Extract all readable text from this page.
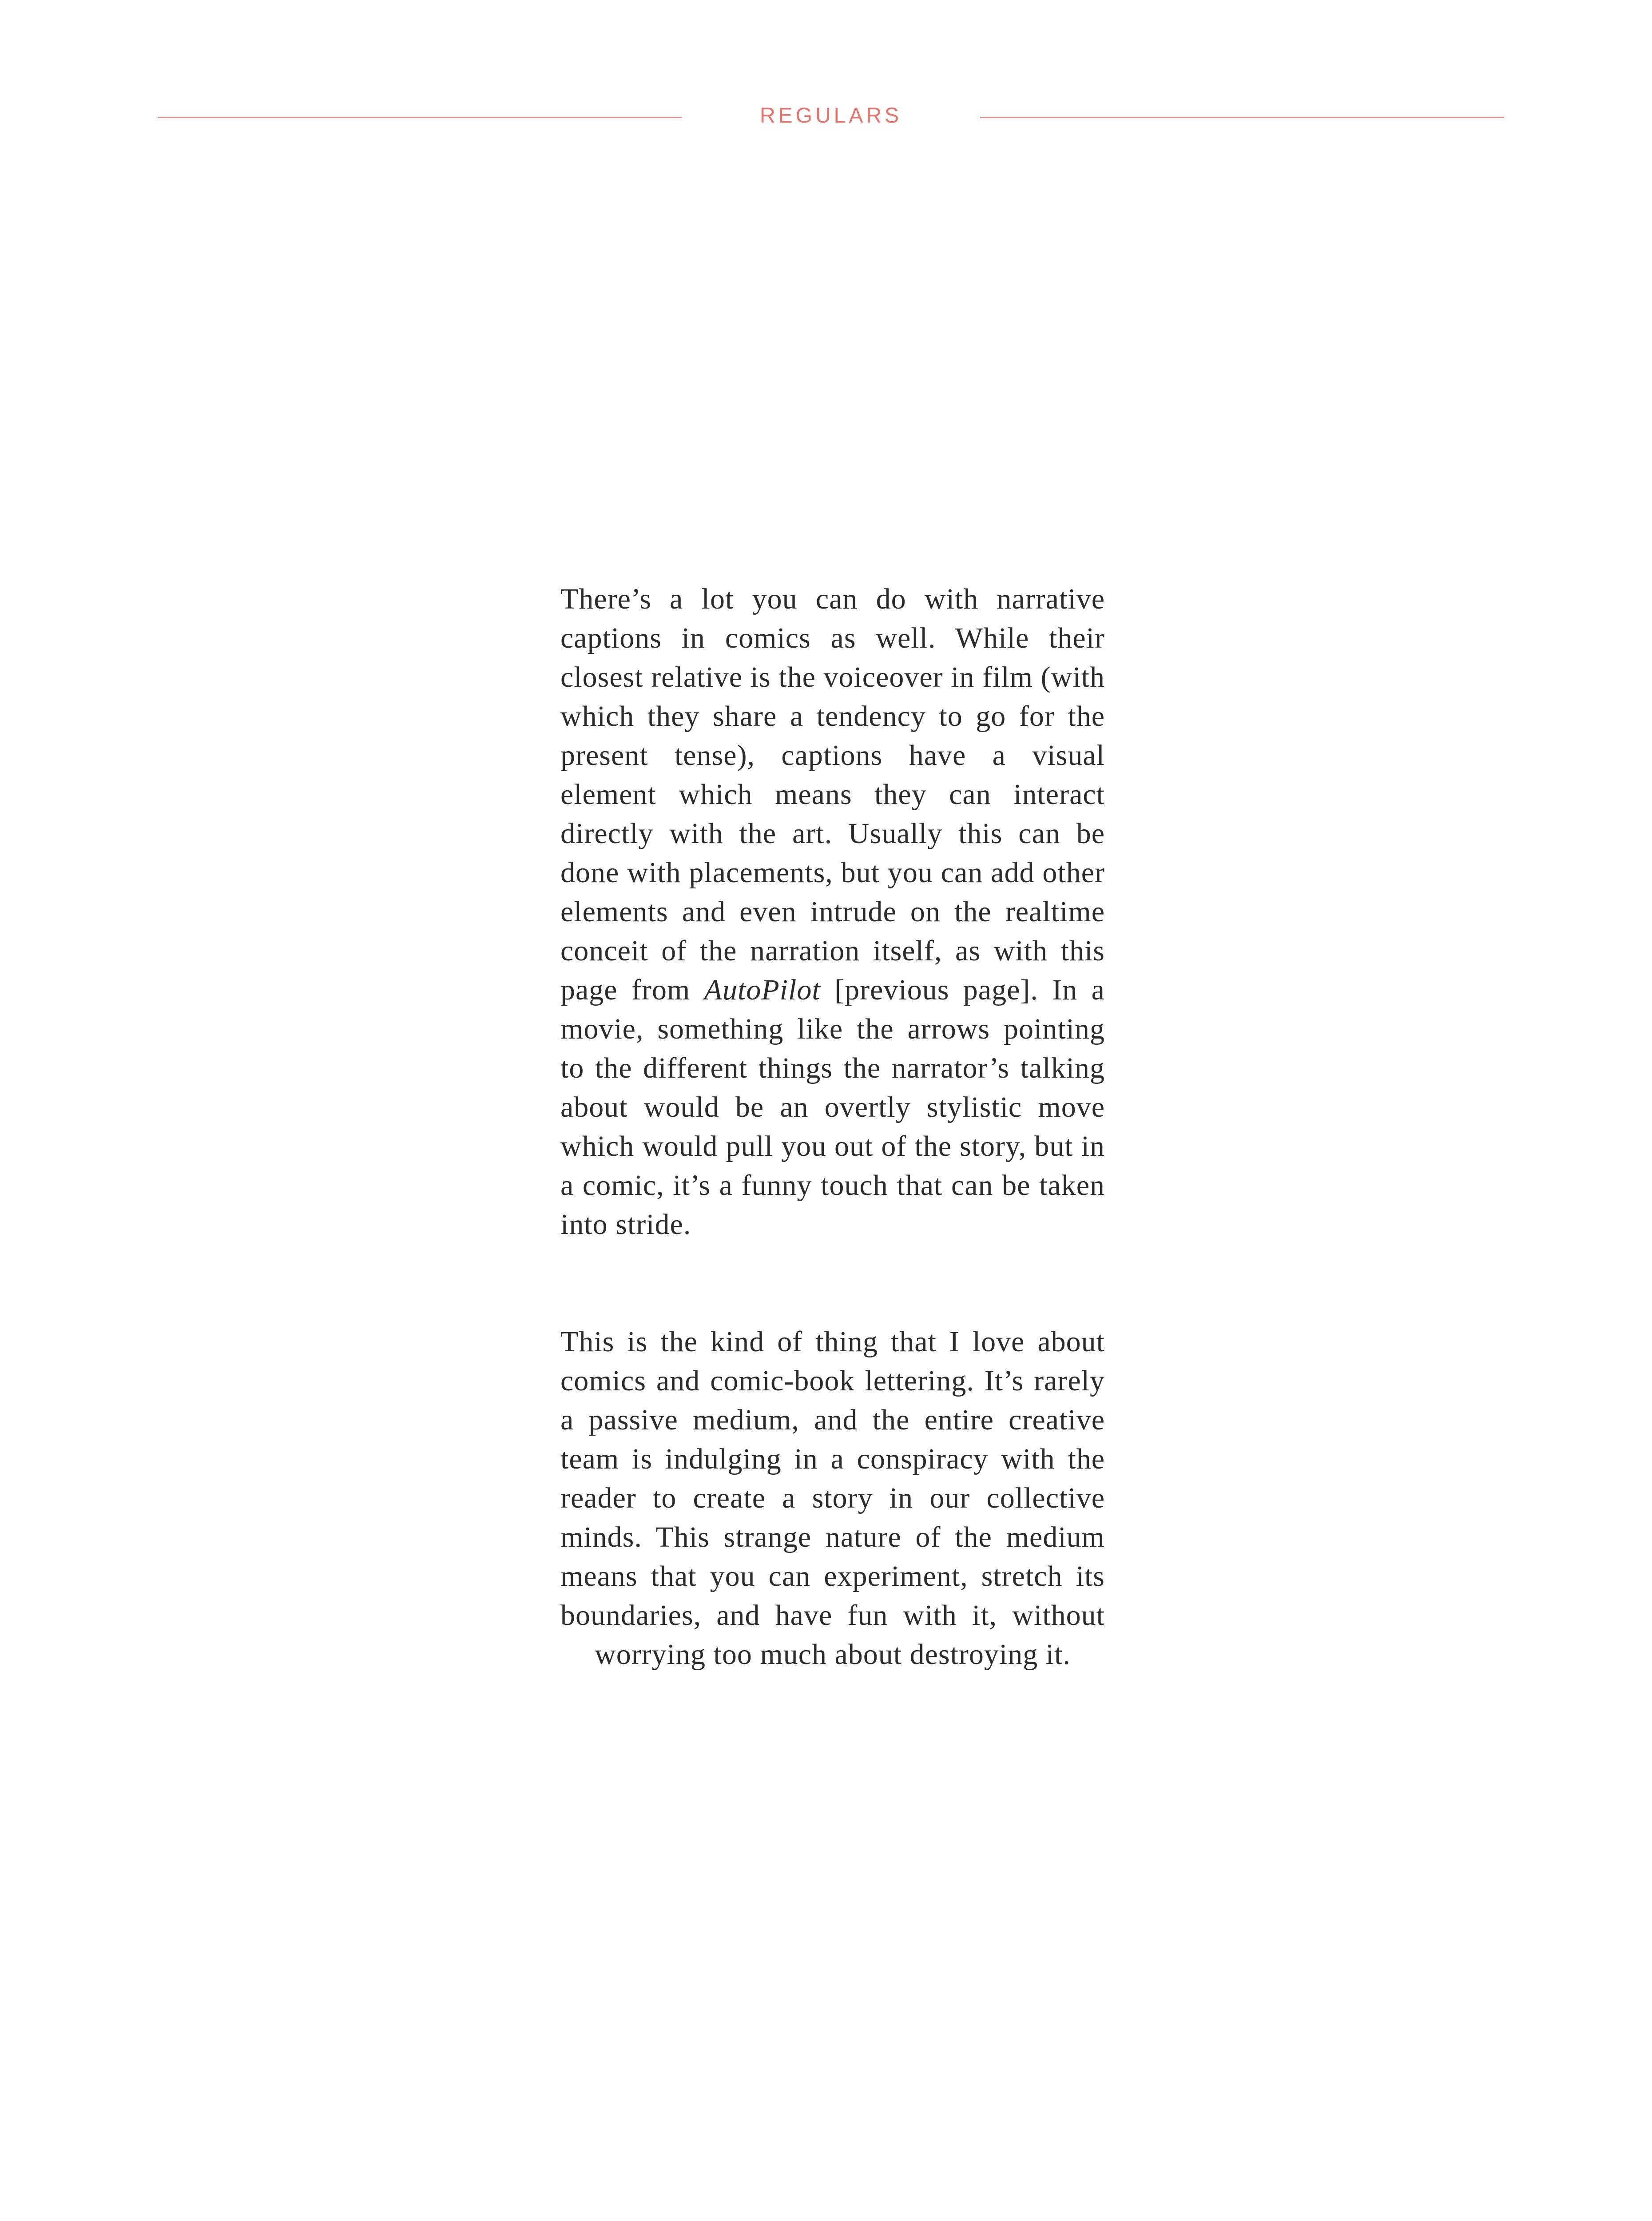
REGULARS

There’s a lot you can do with narrative captions in comics as well. While their closest relative is the voiceover in film (with which they share a tendency to go for the present tense), captions have a visual element which means they can interact directly with the art. Usually this can be done with placements, but you can add other elements and even intrude on the realtime conceit of the narration itself, as with this page from AutoPilot [previous page]. In a movie, something like the arrows pointing to the different things the narrator’s talking about would be an overtly stylistic move which would pull you out of the story, but in a comic, it’s a funny touch that can be taken into stride.

This is the kind of thing that I love about comics and comic-book lettering. It’s rarely a passive medium, and the entire creative team is indulging in a conspiracy with the reader to create a story in our collective minds. This strange nature of the medium means that you can experiment, stretch its boundaries, and have fun with it, without worrying too much about destroying it.
